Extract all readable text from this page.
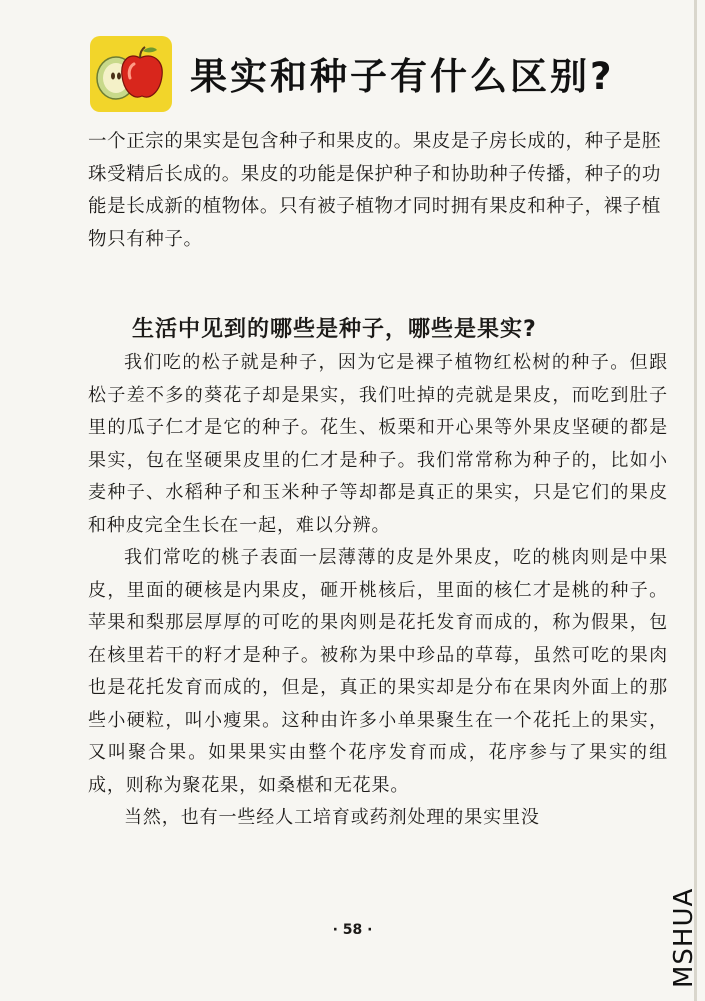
果实和种子有什么区别?
一个正宗的果实是包含种子和果皮的。果皮是子房长成的，种子是胚珠受精后长成的。果皮的功能是保护种子和协助种子传播，种子的功能是长成新的植物体。只有被子植物才同时拥有果皮和种子，裸子植物只有种子。
生活中见到的哪些是种子，哪些是果实?

我们吃的松子就是种子，因为它是裸子植物红松树的种子。但跟松子差不多的葵花子却是果实，我们吐掉的壳就是果皮，而吃到肚子里的瓜子仁才是它的种子。花生、板栗和开心果等外果皮坚硬的都是果实，包在坚硬果皮里的仁才是种子。我们常常称为种子的，比如小麦种子、水稻种子和玉米种子等却都是真正的果实，只是它们的果皮和种皮完全生长在一起，难以分辨。

我们常吃的桃子表面一层薄薄的皮是外果皮，吃的桃肉则是中果皮，里面的硬核是内果皮，砸开桃核后，里面的核仁才是桃的种子。苹果和梨那层厚厚的可吃的果肉则是花托发育而成的，称为假果，包在核里若干的籽才是种子。被称为果中珍品的草莓，虽然可吃的果肉也是花托发育而成的，但是，真正的果实却是分布在果肉外面上的那些小硬粒，叫小瘦果。这种由许多小单果聚生在一个花托上的果实，又叫聚合果。如果果实由整个花序发育而成，花序参与了果实的组成，则称为聚花果，如桑椹和无花果。

当然，也有一些经人工培育或药剂处理的果实里没

· 58 ·	MSHUA
